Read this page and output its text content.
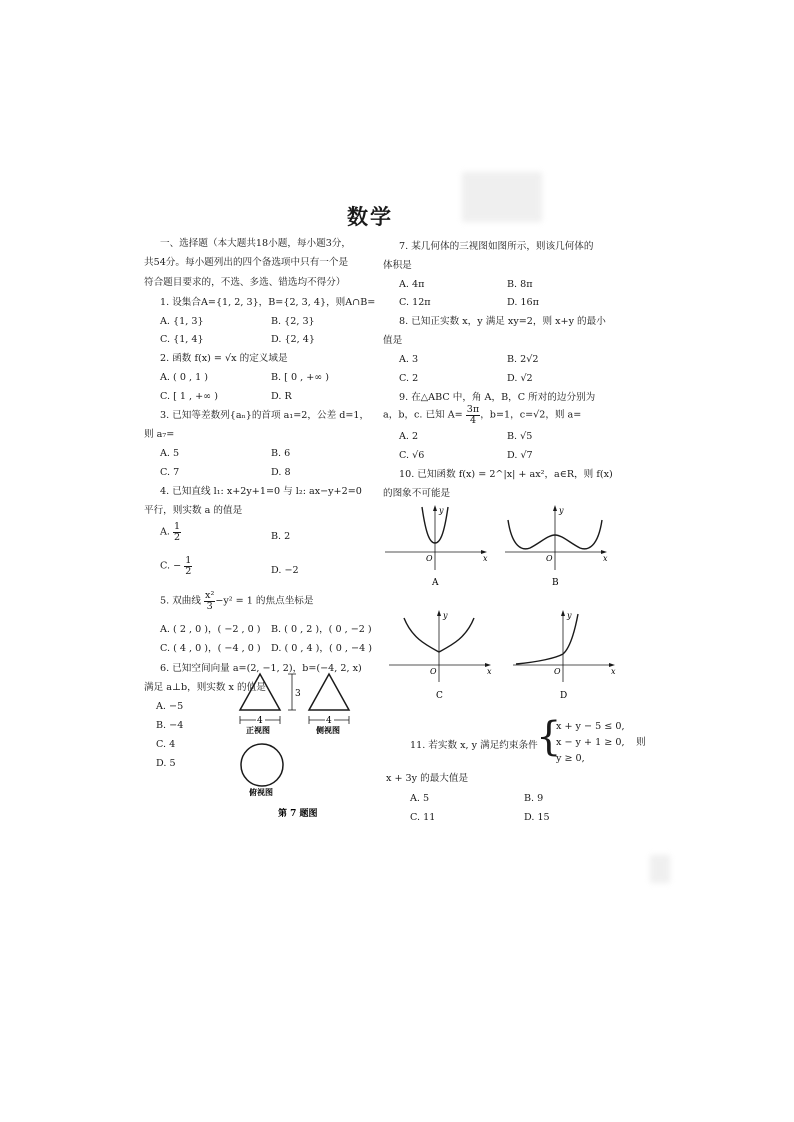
数学
一、选择题（本大题共18小题，每小题3分，
共54分。每小题列出的四个备选项中只有一个是
符合题目要求的，不选、多选、错选均不得分）
1. 设集合A={1, 2, 3}，B={2, 3, 4}，则A∩B=
A. {1, 3}	B. {2, 3}
C. {1, 4}	D. {2, 4}
2. 函数 f(x) = √x 的定义域是
A. ( 0 , 1 )	B. [ 0 , +∞ )
C. [ 1 , +∞ )	D. R
3. 已知等差数列{aₙ}的首项 a₁=2，公差 d=1，
则 a₇=
A. 5	B. 6
C. 7	D. 8
4. 已知直线 l₁: x+2y+1=0 与 l₂: ax−y+2=0
平行，则实数 a 的值是
A. $\frac{1}{2}$	B. 2
C. − $\frac{1}{2}$	D. −2
5. 双曲线 $\frac{\text{x²}}{3} -y^2 = 1$ 的焦点坐标是
A. ( 2 , 0 )，( −2 , 0 ) B. ( 0 , 2 )，( 0 , −2 )
C. ( 4 , 0 )，( −4 , 0 ) D. ( 0 , 4 )，( 0 , −4 )
6. 已知空间向量 a=(2, −1, 2)，b=(−4, 2, x)
满足 a⊥b，则实数 x 的值是
A. −5
B. −4
C. 4
D. 5
3
4	4
正视图	侧视图
俯视图
第 7 题图
7. 某几何体的三视图如图所示，则该几何体的
体积是
A. 4π	B. 8π
C. 12π	D. 16π
8. 已知正实数 x，y 满足 xy=2，则 x+y 的最小
值是
A. 3	B. 2√2
C. 2	D. √2
9. 在△ABC 中，角 A，B，C 所对的边分别为
a，b，c. 已知 $A= \frac{3\pi}{4}$ ，b=1，c=√2，则 a=
A. 2	B. √5
C. √6	D. √7
10. 已知函数 f(x) = 2^|x| + ax²，a∈R，则 f(x)
的图象不可能是
y
x
O
A
y
x
O
B
y
x
O
C
y
x
O
D
11. 若实数 x, y 满足约束条件
{
x + y − 5 ≤ 0,
x − y + 1 ≥ 0,
y ≥ 0,
则
x + 3y 的最大值是
A. 5	B. 9
C. 11	D. 15
